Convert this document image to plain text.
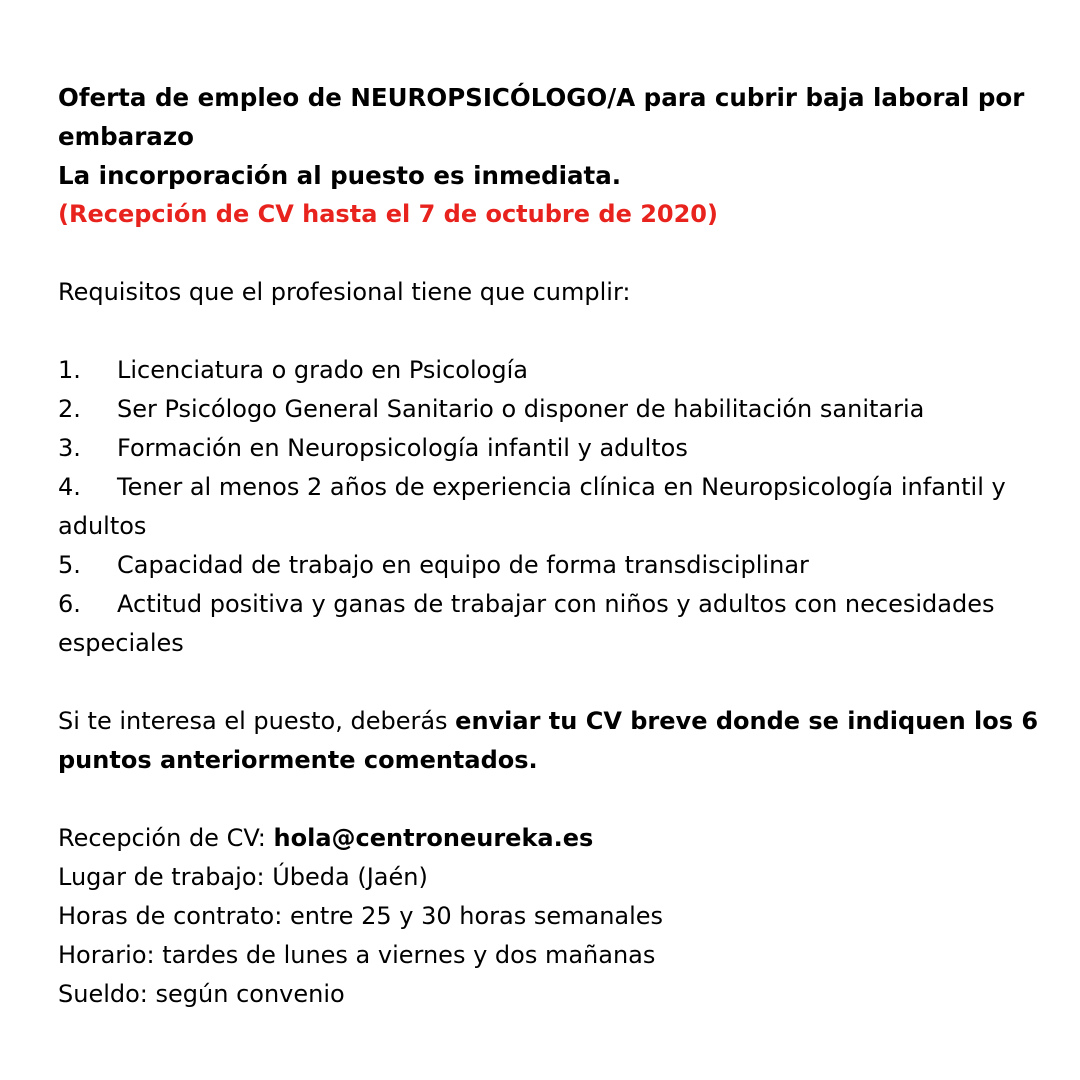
Oferta de empleo de NEUROPSICÓLOGO/A para cubrir baja laboral por embarazo
La incorporación al puesto es inmediata.
(Recepción de CV hasta el 7 de octubre de 2020)
Requisitos que el profesional tiene que cumplir:
1. Licenciatura o grado en Psicología
2. Ser Psicólogo General Sanitario o disponer de habilitación sanitaria
3. Formación en Neuropsicología infantil y adultos
4. Tener al menos 2 años de experiencia clínica en Neuropsicología infantil y adultos
5. Capacidad de trabajo en equipo de forma transdisciplinar
6. Actitud positiva y ganas de trabajar con niños y adultos con necesidades especiales
Si te interesa el puesto, deberás enviar tu CV breve donde se indiquen los 6 puntos anteriormente comentados.
Recepción de CV: hola@centroneureka.es
Lugar de trabajo: Úbeda (Jaén)
Horas de contrato: entre 25 y 30 horas semanales
Horario: tardes de lunes a viernes y dos mañanas
Sueldo: según convenio
